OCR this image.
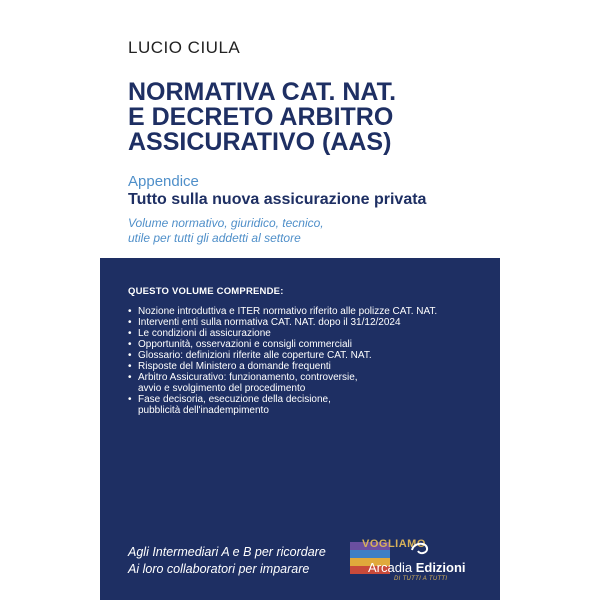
LUCIO CIULA
NORMATIVA CAT. NAT.
E DECRETO ARBITRO
ASSICURATIVO (AAS)
Appendice
Tutto sulla nuova assicurazione privata
Volume normativo, giuridico, tecnico,
utile per tutti gli addetti al settore
QUESTO VOLUME COMPRENDE:
• Nozione introduttiva e ITER normativo riferito alle polizze CAT. NAT.
• Interventi enti sulla normativa CAT. NAT. dopo il 31/12/2024
• Le condizioni di assicurazione
• Opportunità, osservazioni e consigli commerciali
• Glossario: definizioni riferite alle coperture CAT. NAT.
• Risposte del Ministero a domande frequenti
• Arbitro Assicurativo: funzionamento, controversie,
avvio e svolgimento del procedimento
• Fase decisoria, esecuzione della decisione,
pubblicità dell'inadempimento
Agli Intermediari A e B per ricordare
Ai loro collaboratori per imparare
VOGLIAMO
Arcadia Edizioni
DI TUTTI A TUTTI
